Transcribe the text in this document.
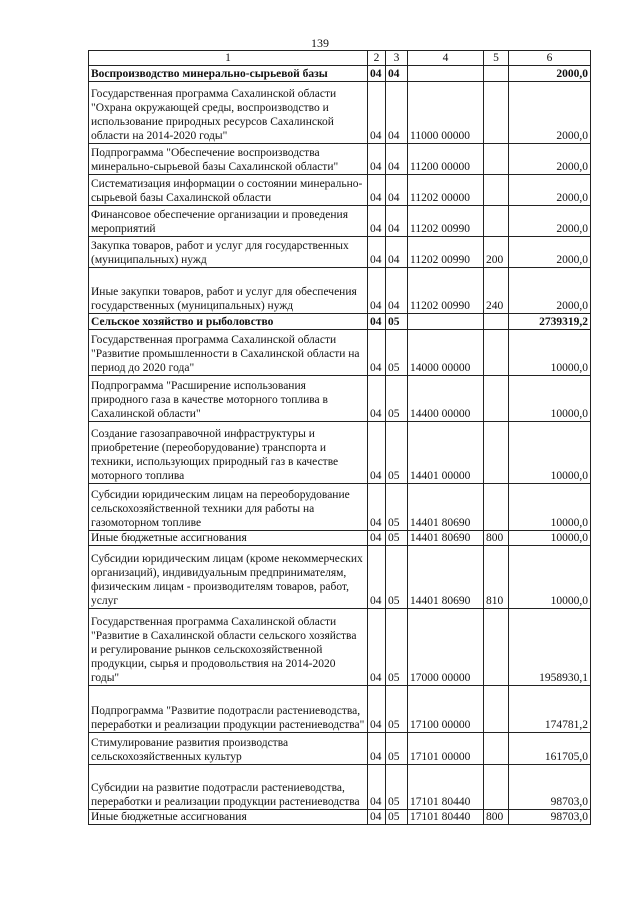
139
1	2	3	4	5	6
Воспроизводство минерально-сырьевой базы	04	04			2000,0
Государственная программа Сахалинской области "Охрана окружающей среды, воспроизводство и использование природных ресурсов Сахалинской области на 2014-2020 годы"	04	04	11000 00000		2000,0
Подпрограмма "Обеспечение воспроизводства минерально-сырьевой базы Сахалинской области"	04	04	11200 00000		2000,0
Систематизация информации о состоянии минерально-сырьевой базы Сахалинской области	04	04	11202 00000		2000,0
Финансовое обеспечение организации и проведения мероприятий	04	04	11202 00990		2000,0
Закупка товаров, работ и услуг для государственных (муниципальных) нужд	04	04	11202 00990	200	2000,0
Иные закупки товаров, работ и услуг для обеспечения государственных (муниципальных) нужд	04	04	11202 00990	240	2000,0
Сельское хозяйство и рыболовство	04	05			2739319,2
Государственная программа Сахалинской области "Развитие промышленности в Сахалинской области на период до 2020 года"	04	05	14000 00000		10000,0
Подпрограмма "Расширение использования природного газа в качестве моторного топлива в Сахалинской области"	04	05	14400 00000		10000,0
Создание газозаправочной инфраструктуры и приобретение (переоборудование) транспорта и техники, использующих природный газ в качестве моторного топлива	04	05	14401 00000		10000,0
Субсидии юридическим лицам на переоборудование сельскохозяйственной техники для работы на газомоторном топливе	04	05	14401 80690		10000,0
Иные бюджетные ассигнования	04	05	14401 80690	800	10000,0
Субсидии юридическим лицам (кроме некоммерческих организаций), индивидуальным предпринимателям, физическим лицам - производителям товаров, работ, услуг	04	05	14401 80690	810	10000,0
Государственная программа Сахалинской области "Развитие в Сахалинской области сельского хозяйства и регулирование рынков сельскохозяйственной продукции, сырья и продовольствия на 2014-2020 годы"	04	05	17000 00000		1958930,1
Подпрограмма "Развитие подотрасли растениеводства, переработки и реализации продукции растениеводства"	04	05	17100 00000		174781,2
Стимулирование развития производства сельскохозяйственных культур	04	05	17101 00000		161705,0
Субсидии на развитие подотрасли растениеводства, переработки и реализации продукции растениеводства	04	05	17101 80440		98703,0
Иные бюджетные ассигнования	04	05	17101 80440	800	98703,0
